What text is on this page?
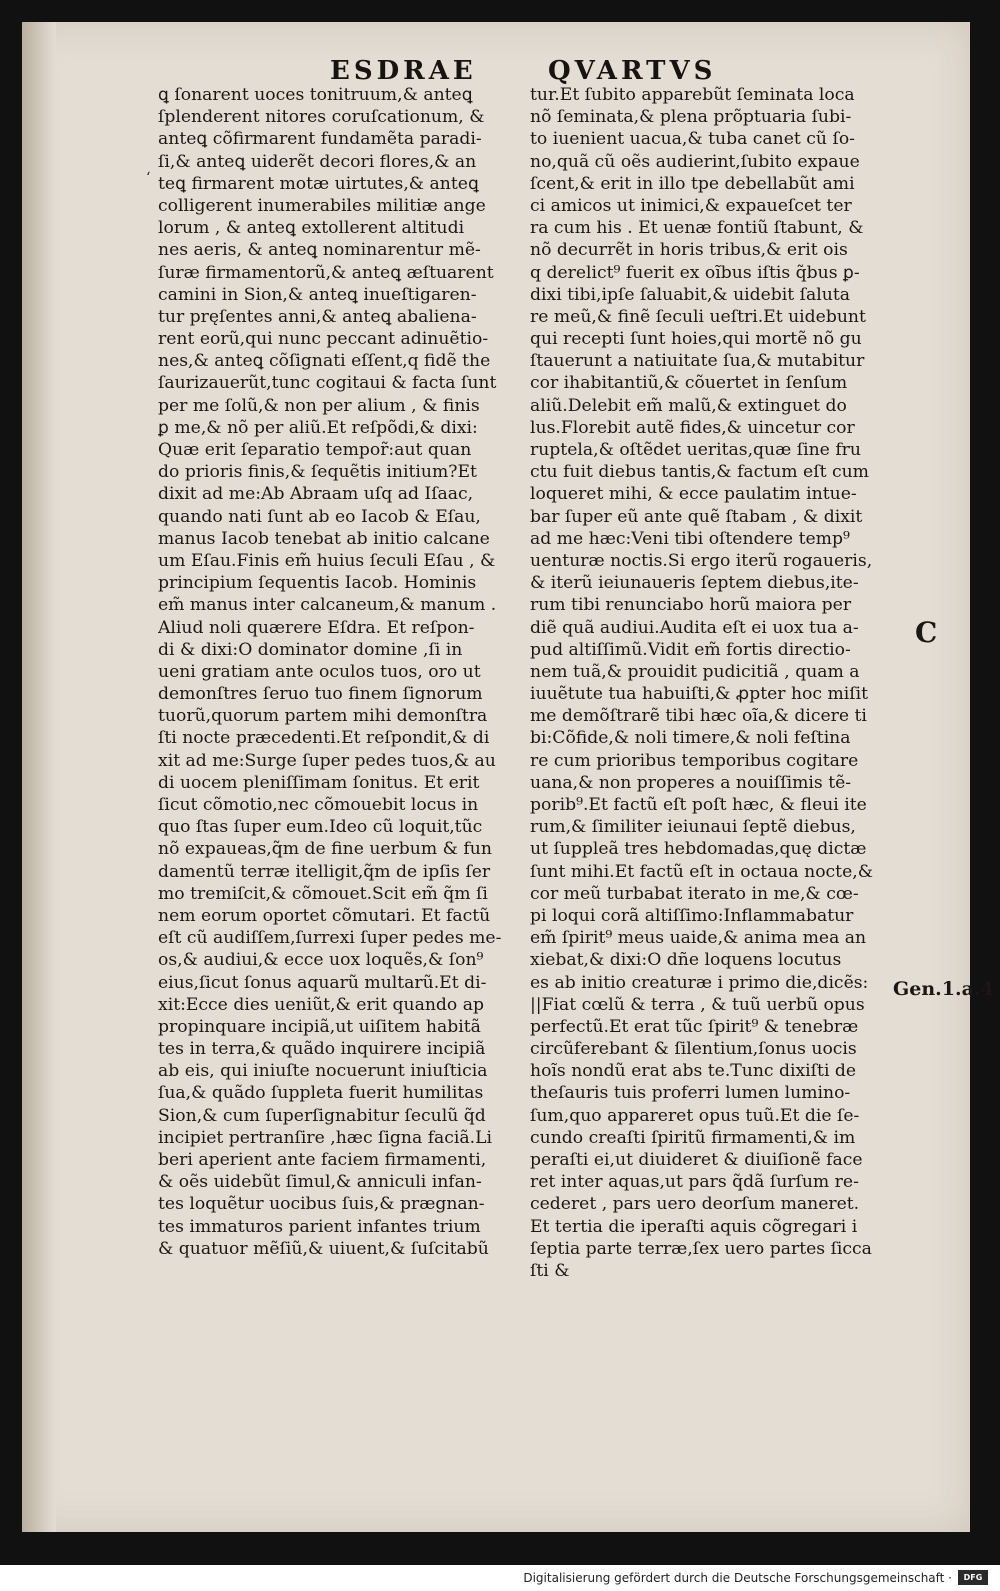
ESDRAE	QVARTVS
‘
ꝗ ſonarent uoces tonitruum,& anteꝗ
ſplenderent nitores coruſcationum, &
anteꝗ cõfirmarent fundamẽta paradi-
ſi,& anteꝗ uiderẽt decori flores,& an
teꝗ firmarent motæ uirtutes,& anteꝗ
colligerent inumerabiles militiæ ange
lorum , & anteꝗ extollerent altitudi
nes aeris, & anteꝗ nominarentur mẽ-
ſuræ firmamentorũ,& anteꝗ æſtuarent
camini in Sion,& anteꝗ inueſtigaren-
tur pręſentes anni,& anteꝗ abaliena-
rent eorũ,qui nunc peccant adinuẽtio-
nes,& anteꝗ cõſignati eſſent,q fidẽ the
ſaurizauerũt,tunc cogitaui & facta ſunt
per me ſolũ,& non per alium , & finis
ꝑ me,& nõ per aliũ.Et reſpõdi,& dixi:
Quæ erit ſeparatio tempor̃:aut quan
do prioris finis,& ſequẽtis initium?Et
dixit ad me:Ab Abraam uſq ad Iſaac,
quando nati ſunt ab eo Iacob & Eſau,
manus Iacob tenebat ab initio calcane
um Eſau.Finis em̃ huius ſeculi Eſau , &
principium ſequentis Iacob. Hominis
em̃ manus inter calcaneum,& manum .
Aliud noli quærere Eſdra. Et reſpon-
di & dixi:O dominator domine ,ſi in
ueni gratiam ante oculos tuos, oro ut
demonſtres ſeruo tuo finem ſignorum
tuorũ,quorum partem mihi demonſtra
ſti nocte præcedenti.Et reſpondit,& di
xit ad me:Surge ſuper pedes tuos,& au
di uocem pleniſſimam ſonitus. Et erit
ſicut cõmotio,nec cõmouebit locus in
quo ſtas ſuper eum.Ideo cũ loquit,tũc
nõ expaueas,q̃m de fine uerbum & fun
damentũ terræ itelligit,q̃m de ipſis ſer
mo tremiſcit,& cõmouet.Scit em̃ q̃m ſi
nem eorum oportet cõmutari. Et factũ
eſt cũ audiſſem,ſurrexi ſuper pedes me-
os,& audiui,& ecce uox loquẽs,& ſon⁹
eius,ſicut ſonus aquarũ multarũ.Et di-
xit:Ecce dies ueniũt,& erit quando ap
propinquare incipiã,ut uiſitem habitã
tes in terra,& quãdo inquirere incipiã
ab eis, qui iniuſte nocuerunt iniuſticia
ſua,& quãdo ſuppleta fuerit humilitas
Sion,& cum ſuperſignabitur ſeculũ q̃d
incipiet pertranſire ,hæc ſigna faciã.Li
beri aperient ante faciem firmamenti,
& oẽs uidebũt ſimul,& anniculi infan-
tes loquẽtur uocibus ſuis,& prægnan-
tes immaturos parient infantes trium
& quatuor mẽſiũ,& uiuent,& ſuſcitabũ
tur.Et ſubito apparebũt ſeminata loca
nõ ſeminata,& plena prõptuaria ſubi-
to iuenient uacua,& tuba canet cũ ſo-
no,quã cũ oẽs audierint,ſubito expaue
ſcent,& erit in illo tpe debellabũt ami
ci amicos ut inimici,& expaueſcet ter
ra cum his . Et uenæ fontiũ ſtabunt, &
nõ decurrẽt in horis tribus,& erit ois
q derelict⁹ fuerit ex oĩbus iſtis q̃bus ꝑ-
dixi tibi,ipſe ſaluabit,& uidebit ſaluta
re meũ,& finẽ ſeculi ueſtri.Et uidebunt
qui recepti ſunt hoies,qui mortẽ nõ gu
ſtauerunt a natiuitate ſua,& mutabitur
cor ihabitantiũ,& cõuertet in ſenſum
aliũ.Delebit em̃ malũ,& extinguet do
lus.Florebit autẽ fides,& uincetur cor
ruptela,& oſtẽdet ueritas,quæ ſine fru
ctu fuit diebus tantis,& factum eſt cum
loqueret mihi, & ecce paulatim intue-
bar ſuper eũ ante quẽ ſtabam , & dixit
ad me hæc:Veni tibi oſtendere temp⁹
uenturæ noctis.Si ergo iterũ rogaueris,
& iterũ ieiunaueris ſeptem diebus,ite-
rum tibi renunciabo horũ maiora per
diẽ quã audiui.Audita eſt ei uox tua a-
pud altiſſimũ.Vidit em̃ fortis directio-
nem tuã,& prouidit pudicitiã , quam a
iuuẽtute tua habuiſti,& ꝓpter hoc miſit
me demõſtrarẽ tibi hæc oĩa,& dicere ti
bi:Cõfide,& noli timere,& noli feſtina
re cum prioribus temporibus cogitare
uana,& non properes a nouiſſimis tẽ-
porib⁹.Et factũ eſt poſt hæc, & fleui ite
rum,& ſimiliter ieiunaui ſeptẽ diebus,
ut ſuppleã tres hebdomadas,quę dictæ
ſunt mihi.Et factũ eſt in octaua nocte,&
cor meũ turbabat iterato in me,& cœ-
pi loqui corã altiſſimo:Inflammabatur
em̃ ſpirit⁹ meus uaide,& anima mea an
xiebat,& dixi:O dñe loquens locutus
es ab initio creaturæ i primo die,dicẽs:
||Fiat cœlũ & terra , & tuũ uerbũ opus
perfectũ.Et erat tũc ſpirit⁹ & tenebræ
circũferebant & ſilentium,ſonus uocis
hoĩs nondũ erat abs te.Tunc dixiſti de
theſauris tuis proferri lumen lumino-
ſum,quo appareret opus tuũ.Et die ſe-
cundo creaſti ſpiritũ firmamenti,& im
peraſti ei,ut diuideret & diuiſionẽ face
ret inter aquas,ut pars q̃dã ſurſum re-
cederet , pars uero deorſum maneret.
Et tertia die iperaſti aquis cõgregari i
ſeptia parte terræ,ſex uero partes ſicca
ſti &
C
Gen.1.a.4
Digitalisierung gefördert durch die Deutsche Forschungsgemeinschaft ·	DFG
